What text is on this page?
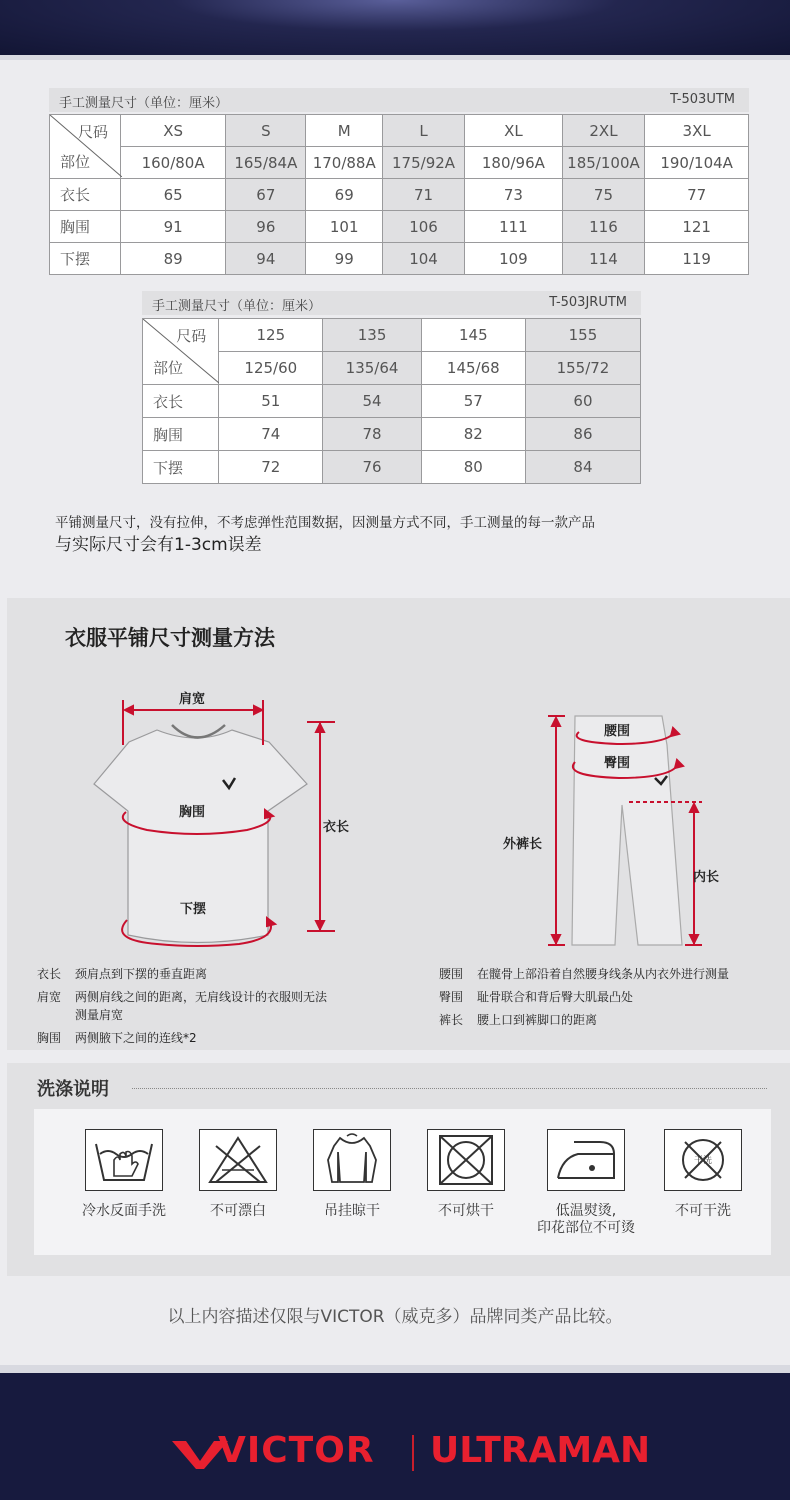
手工测量尺寸（单位：厘米）	T-503UTM
尺码
部位	XS	S	M	L	XL	2XL	3XL
	160/80A	165/84A	170/88A	175/92A	180/96A	185/100A	190/104A
衣长	65	67	69	71	73	75	77
胸围	91	96	101	106	111	116	121
下摆	89	94	99	104	109	114	119
手工测量尺寸（单位：厘米）	T-503JRUTM
尺码
部位	125	135	145	155
	125/60	135/64	145/68	155/72
衣长	51	54	57	60
胸围	74	78	82	86
下摆	72	76	80	84
平铺测量尺寸，没有拉伸，不考虑弹性范围数据，因测量方式不同，手工测量的每一款产品
与实际尺寸会有1-3cm误差
衣服平铺尺寸测量方法
肩宽
胸围
衣长
下摆
腰围
臀围
外裤长
内长
衣长 颈肩点到下摆的垂直距离
肩宽 两侧肩线之间的距离，无肩线设计的衣服则无法
测量肩宽
胸围 两侧腋下之间的连线*2
腰围 在髋骨上部沿着自然腰身线条从内衣外进行测量
臀围 耻骨联合和背后臀大肌最凸处
裤长 腰上口到裤脚口的距离
洗涤说明
冷水反面手洗	不可漂白	吊挂晾干	不可烘干	低温熨烫,
印花部位不可烫
干洗
不可干洗
以上内容描述仅限与VICTOR（威克多）品牌同类产品比较。
VICTOR ULTRAMAN
